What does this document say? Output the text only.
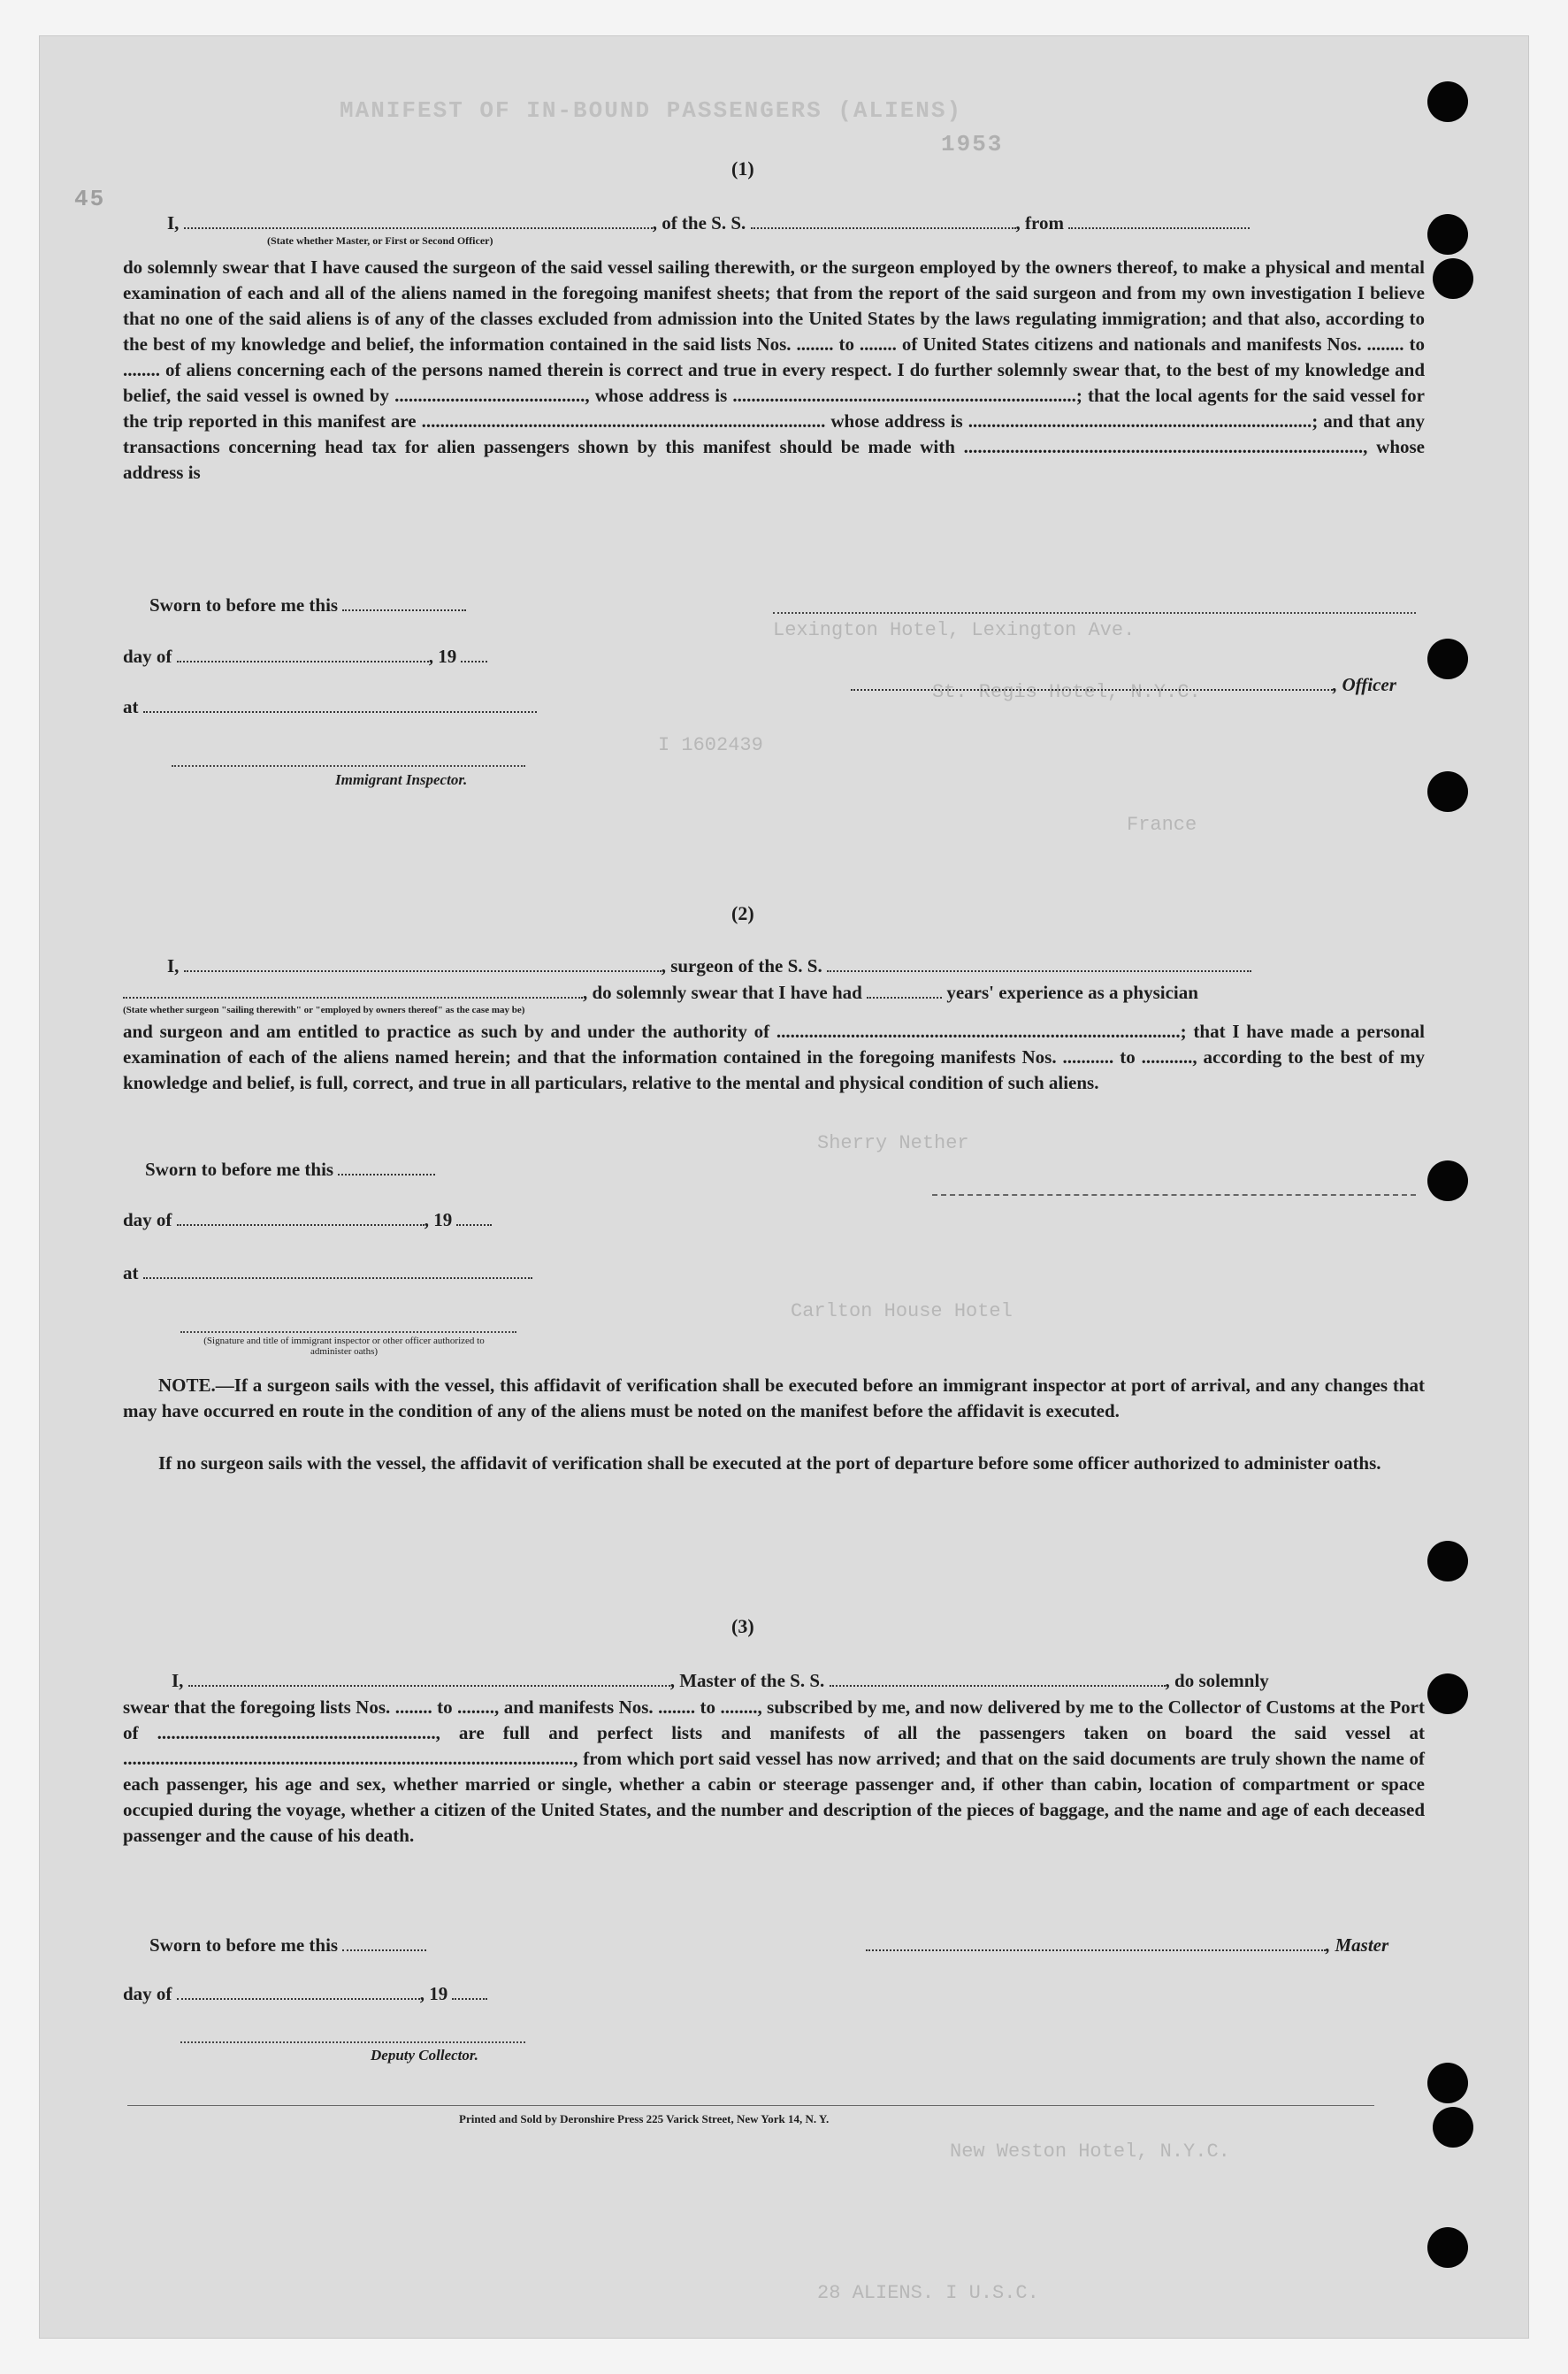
MANIFEST OF IN-BOUND PASSENGERS (ALIENS)
1953
45
Lexington Hotel, Lexington Ave.
St. Regis Hotel, N.Y.C.
I 1602439
France
Sherry Nether
Carlton House Hotel
New Weston Hotel, N.Y.C.
28 ALIENS. I U.S.C.
(1)
I,	, of the S. S.	, from
(State whether Master, or First or Second Officer)
do solemnly swear that I have caused the surgeon of the said vessel sailing therewith, or the surgeon employed by the owners thereof, to make a physical and mental examination of each and all of the aliens named in the foregoing manifest sheets; that from the report of the said surgeon and from my own investigation I believe that no one of the said aliens is of any of the classes excluded from admission into the United States by the laws regulating immigration; and that also, according to the best of my knowledge and belief, the information contained in the said lists Nos. ........ to ........ of United States citizens and nationals and manifests Nos. ........ to ........ of aliens concerning each of the persons named therein is correct and true in every respect. I do further solemnly swear that, to the best of my knowledge and belief, the said vessel is owned by ........................................., whose address is ..........................................................................; that the local agents for the said vessel for the trip reported in this manifest are ....................................................................................... whose address is ..........................................................................; and that any transactions concerning head tax for alien passengers shown by this manifest should be made with ......................................................................................, whose address is
Sworn to before me this
day of	, 19
at
, Officer
Immigrant Inspector.
(2)
I,	, surgeon of the S. S.
, do solemnly swear that I have had	years' experience as a physician
(State whether surgeon "sailing therewith" or "employed by owners thereof" as the case may be)
and surgeon and am entitled to practice as such by and under the authority of .......................................................................................; that I have made a personal examination of each of the aliens named herein; and that the information contained in the foregoing manifests Nos. ........... to ..........., according to the best of my knowledge and belief, is full, correct, and true in all particulars, relative to the mental and physical condition of such aliens.
Sworn to before me this
day of	, 19
at
(Signature and title of immigrant inspector or other officer authorized to administer oaths)
NOTE.—If a surgeon sails with the vessel, this affidavit of verification shall be executed before an immigrant inspector at port of arrival, and any changes that may have occurred en route in the condition of any of the aliens must be noted on the manifest before the affidavit is executed.
If no surgeon sails with the vessel, the affidavit of verification shall be executed at the port of departure before some officer authorized to administer oaths.
(3)
I,	, Master of the S. S.	, do solemnly
swear that the foregoing lists Nos. ........ to ........, and manifests Nos. ........ to ........, subscribed by me, and now delivered by me to the Collector of Customs at the Port of ............................................................, are full and perfect lists and manifests of all the passengers taken on board the said vessel at ................................................................................................., from which port said vessel has now arrived; and that on the said documents are truly shown the name of each passenger, his age and sex, whether married or single, whether a cabin or steerage passenger and, if other than cabin, location of compartment or space occupied during the voyage, whether a citizen of the United States, and the number and description of the pieces of baggage, and the name and age of each deceased passenger and the cause of his death.
Sworn to before me this	, Master
day of	, 19
Deputy Collector.
Printed and Sold by Deronshire Press 225 Varick Street, New York 14, N. Y.
